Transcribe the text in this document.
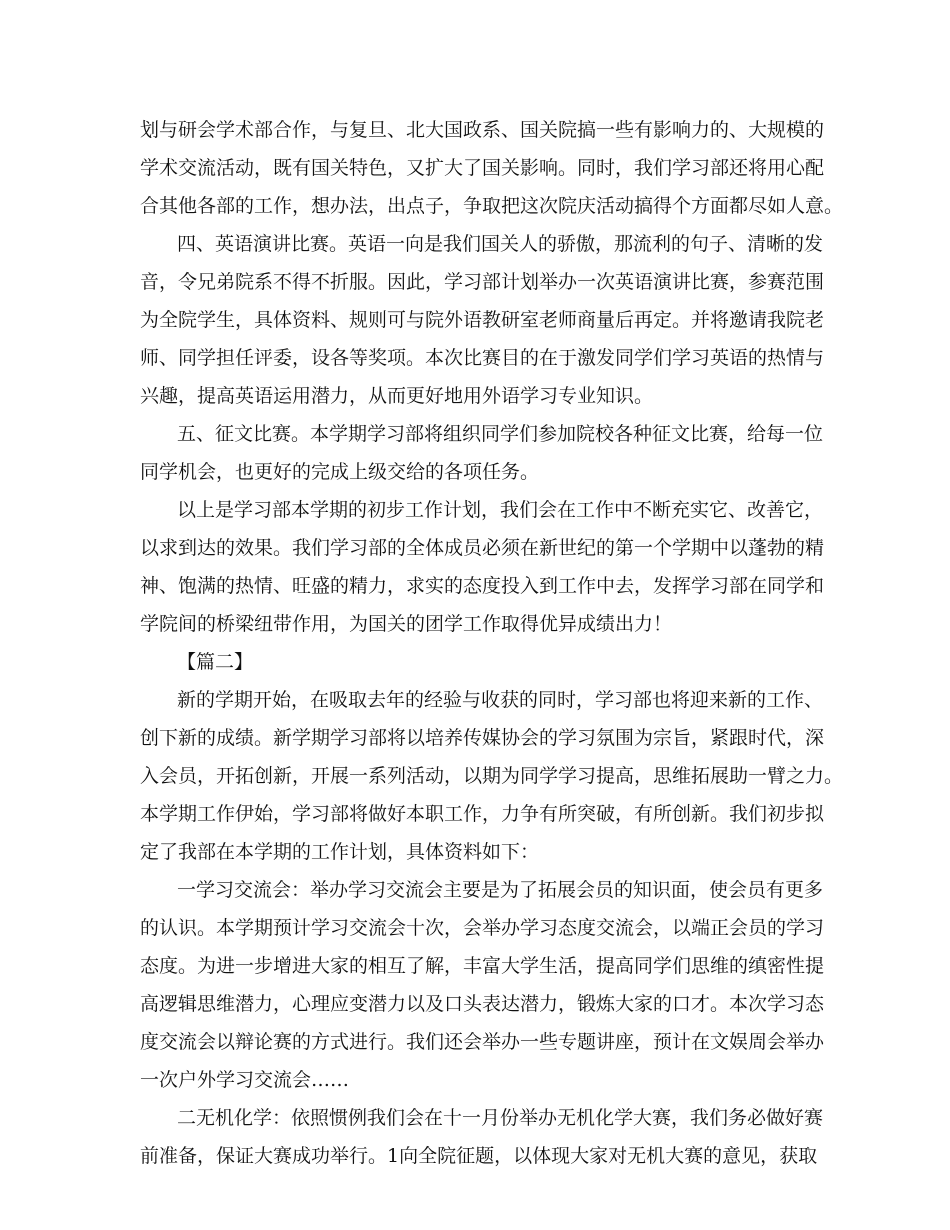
划与研会学术部合作，与复旦、北大国政系、国关院搞一些有影响力的、大规模的

学术交流活动，既有国关特色，又扩大了国关影响。同时，我们学习部还将用心配

合其他各部的工作，想办法，出点子，争取把这次院庆活动搞得个方面都尽如人意。

四、英语演讲比赛。英语一向是我们国关人的骄傲，那流利的句子、清晰的发

音，令兄弟院系不得不折服。因此，学习部计划举办一次英语演讲比赛，参赛范围

为全院学生，具体资料、规则可与院外语教研室老师商量后再定。并将邀请我院老

师、同学担任评委，设各等奖项。本次比赛目的在于激发同学们学习英语的热情与

兴趣，提高英语运用潜力，从而更好地用外语学习专业知识。

五、征文比赛。本学期学习部将组织同学们参加院校各种征文比赛，给每一位

同学机会，也更好的完成上级交给的各项任务。

以上是学习部本学期的初步工作计划，我们会在工作中不断充实它、改善它，

以求到达的效果。我们学习部的全体成员必须在新世纪的第一个学期中以蓬勃的精

神、饱满的热情、旺盛的精力，求实的态度投入到工作中去，发挥学习部在同学和

学院间的桥梁纽带作用，为国关的团学工作取得优异成绩出力！

【篇二】

新的学期开始，在吸取去年的经验与收获的同时，学习部也将迎来新的工作、

创下新的成绩。新学期学习部将以培养传媒协会的学习氛围为宗旨，紧跟时代，深

入会员，开拓创新，开展一系列活动，以期为同学学习提高，思维拓展助一臂之力。

本学期工作伊始，学习部将做好本职工作，力争有所突破，有所创新。我们初步拟

定了我部在本学期的工作计划，具体资料如下：

一学习交流会：举办学习交流会主要是为了拓展会员的知识面，使会员有更多

的认识。本学期预计学习交流会十次，会举办学习态度交流会，以端正会员的学习

态度。为进一步增进大家的相互了解，丰富大学生活，提高同学们思维的缜密性提

高逻辑思维潜力，心理应变潜力以及口头表达潜力，锻炼大家的口才。本次学习态

度交流会以辩论赛的方式进行。我们还会举办一些专题讲座，预计在文娱周会举办

一次户外学习交流会……

二无机化学：依照惯例我们会在十一月份举办无机化学大赛，我们务必做好赛

前准备，保证大赛成功举行。1向全院征题，以体现大家对无机大赛的意见，获取
